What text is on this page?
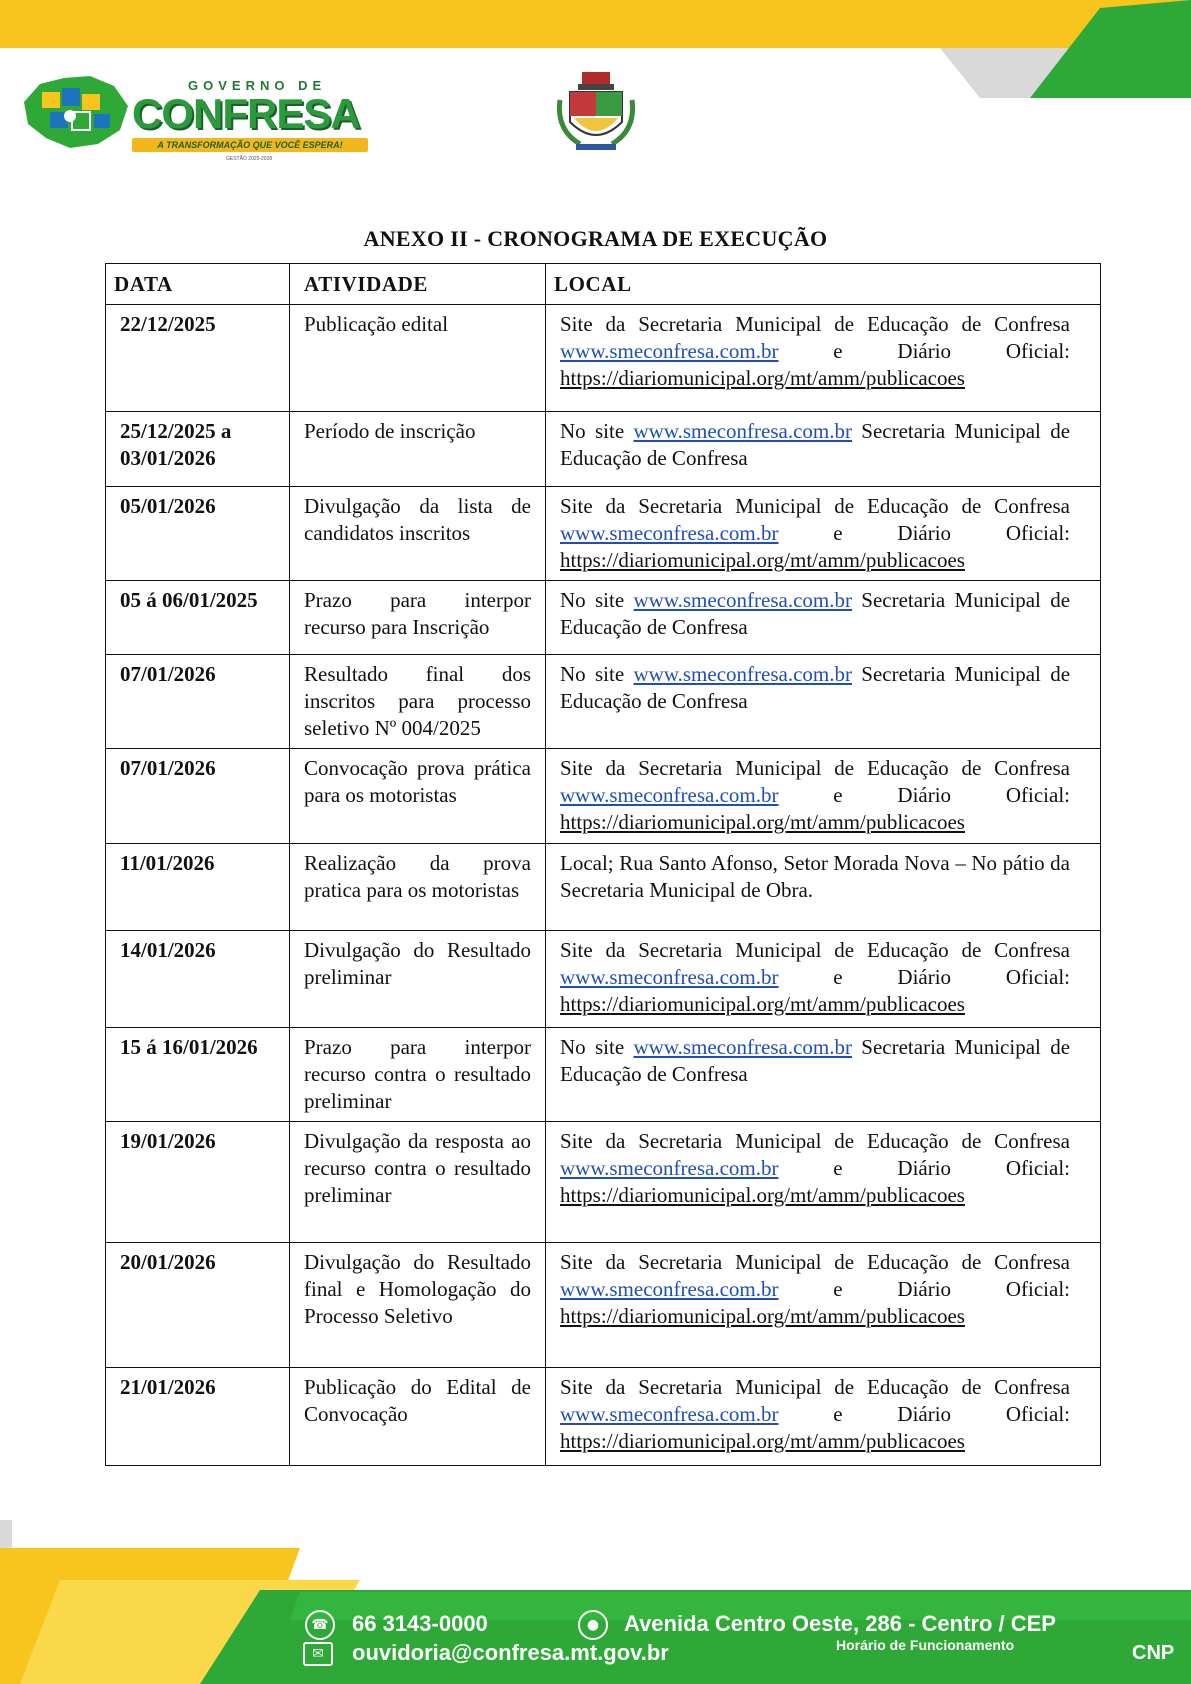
GOVERNO DE
CONFRESA
A TRANSFORMAÇÃO QUE VOCÊ ESPERA!
GESTÃO 2025-2028
ANEXO II - CRONOGRAMA DE EXECUÇÃO
DATA	ATIVIDADE	LOCAL
22/12/2025	Publicação edital	Site da Secretaria Municipal de Educação de Confresa www.smeconfresa.com.br e Diário Oficial: https://diariomunicipal.org/mt/amm/publicacoes
25/12/2025 a 03/01/2026	Período de inscrição	No site www.smeconfresa.com.br Secretaria Municipal de Educação de Confresa
05/01/2026	Divulgação da lista de candidatos inscritos	Site da Secretaria Municipal de Educação de Confresa www.smeconfresa.com.br e Diário Oficial: https://diariomunicipal.org/mt/amm/publicacoes
05 á 06/01/2025	Prazo para interpor recurso para Inscrição	No site www.smeconfresa.com.br Secretaria Municipal de Educação de Confresa
07/01/2026	Resultado final dos inscritos para processo seletivo Nº 004/2025	No site www.smeconfresa.com.br Secretaria Municipal de Educação de Confresa
07/01/2026	Convocação prova prática para os motoristas	Site da Secretaria Municipal de Educação de Confresa www.smeconfresa.com.br e Diário Oficial: https://diariomunicipal.org/mt/amm/publicacoes
11/01/2026	Realização da prova pratica para os motoristas	Local; Rua Santo Afonso, Setor Morada Nova – No pátio da Secretaria Municipal de Obra.
14/01/2026	Divulgação do Resultado preliminar	Site da Secretaria Municipal de Educação de Confresa www.smeconfresa.com.br e Diário Oficial: https://diariomunicipal.org/mt/amm/publicacoes
15 á 16/01/2026	Prazo para interpor recurso contra o resultado preliminar	No site www.smeconfresa.com.br Secretaria Municipal de Educação de Confresa
19/01/2026	Divulgação da resposta ao recurso contra o resultado preliminar	Site da Secretaria Municipal de Educação de Confresa www.smeconfresa.com.br e Diário Oficial: https://diariomunicipal.org/mt/amm/publicacoes
20/01/2026	Divulgação do Resultado final e Homologação do Processo Seletivo	Site da Secretaria Municipal de Educação de Confresa www.smeconfresa.com.br e Diário Oficial: https://diariomunicipal.org/mt/amm/publicacoes
21/01/2026	Publicação do Edital de Convocação	Site da Secretaria Municipal de Educação de Confresa www.smeconfresa.com.br e Diário Oficial: https://diariomunicipal.org/mt/amm/publicacoes
☎ 66 3143-0000	●	Avenida Centro Oeste, 286 - Centro / CEP
✉	ouvidoria@confresa.mt.gov.br	Horário de Funcionamento	CNP
